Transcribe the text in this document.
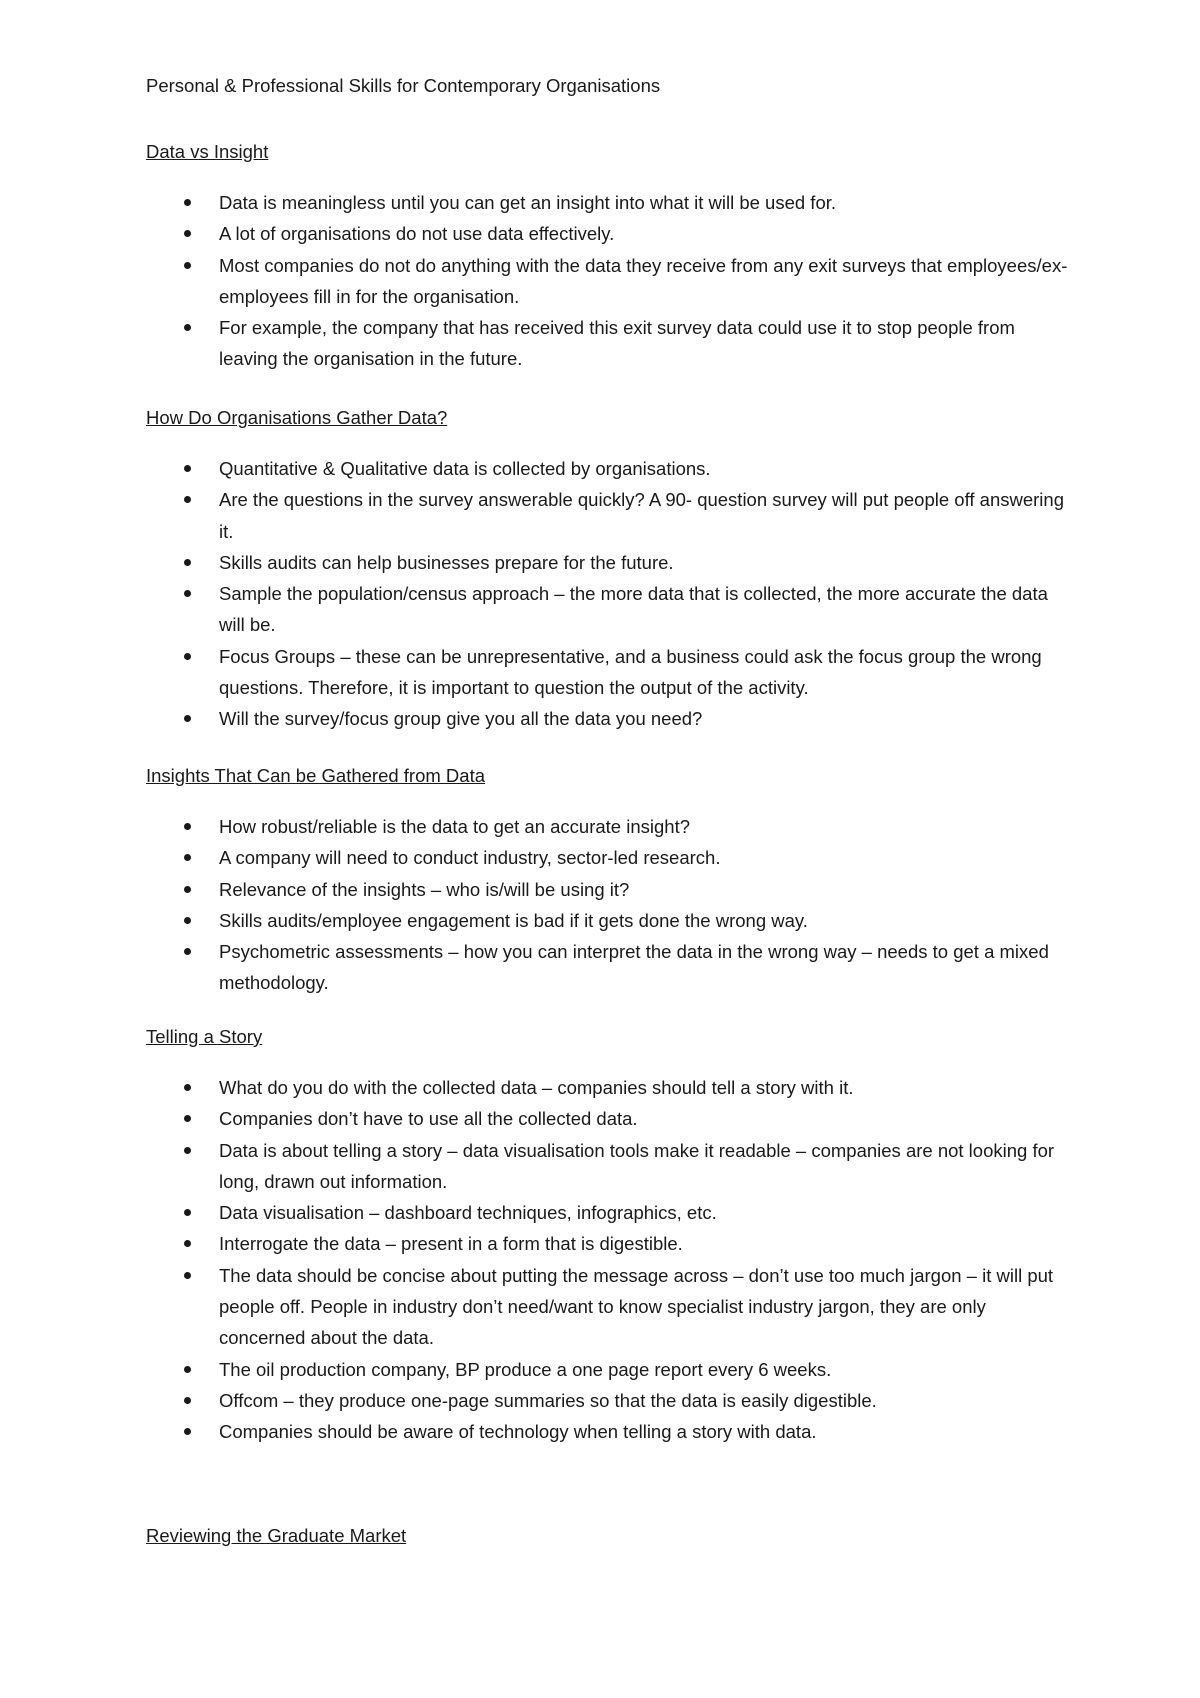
Personal & Professional Skills for Contemporary Organisations
Data vs Insight
Data is meaningless until you can get an insight into what it will be used for.
A lot of organisations do not use data effectively.
Most companies do not do anything with the data they receive from any exit surveys that employees/ex-employees fill in for the organisation.
For example, the company that has received this exit survey data could use it to stop people from leaving the organisation in the future.
How Do Organisations Gather Data?
Quantitative & Qualitative data is collected by organisations.
Are the questions in the survey answerable quickly? A 90- question survey will put people off answering it.
Skills audits can help businesses prepare for the future.
Sample the population/census approach – the more data that is collected, the more accurate the data will be.
Focus Groups – these can be unrepresentative, and a business could ask the focus group the wrong questions. Therefore, it is important to question the output of the activity.
Will the survey/focus group give you all the data you need?
Insights That Can be Gathered from Data
How robust/reliable is the data to get an accurate insight?
A company will need to conduct industry, sector-led research.
Relevance of the insights – who is/will be using it?
Skills audits/employee engagement is bad if it gets done the wrong way.
Psychometric assessments – how you can interpret the data in the wrong way – needs to get a mixed methodology.
Telling a Story
What do you do with the collected data – companies should tell a story with it.
Companies don’t have to use all the collected data.
Data is about telling a story – data visualisation tools make it readable – companies are not looking for long, drawn out information.
Data visualisation – dashboard techniques, infographics, etc.
Interrogate the data – present in a form that is digestible.
The data should be concise about putting the message across – don’t use too much jargon – it will put people off. People in industry don’t need/want to know specialist industry jargon, they are only concerned about the data.
The oil production company, BP produce a one page report every 6 weeks.
Offcom – they produce one-page summaries so that the data is easily digestible.
Companies should be aware of technology when telling a story with data.
Reviewing the Graduate Market
